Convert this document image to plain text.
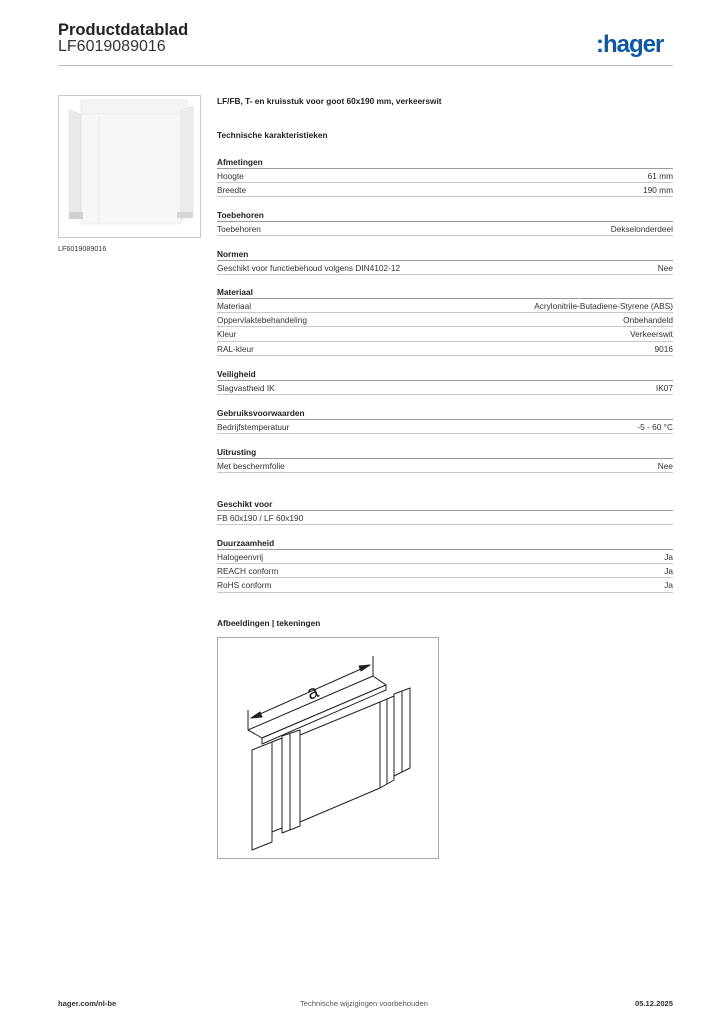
Productdatablad
LF6019089016	:hager
LF6019089016
LF/FB, T- en kruisstuk voor goot 60x190 mm, verkeerswit
Technische karakteristieken
Afmetingen
Hoogte	61 mm
Breedte	190 mm
Toebehoren
Toebehoren	Dekselonderdeel
Normen
Geschikt voor functiebehoud volgens DIN4102-12	Nee
Materiaal
Materiaal	Acrylonitrile-Butadiene-Styrene (ABS)
Oppervlaktebehandeling	Onbehandeld
Kleur	Verkeerswit
RAL-kleur	9016
Veiligheid
Slagvastheid IK	IK07
Gebruiksvoorwaarden
Bedrijfstemperatuur	-5 - 60 °C
Uitrusting
Met beschermfolie	Nee
Geschikt voor
FB 60x190 / LF 60x190
Duurzaamheid
Halogeenvrij	Ja
REACH conform	Ja
RoHS conform	Ja
Afbeeldingen | tekeningen
a
hager.com/nl-be	Technische wijzigingen voorbehouden	05.12.2025
